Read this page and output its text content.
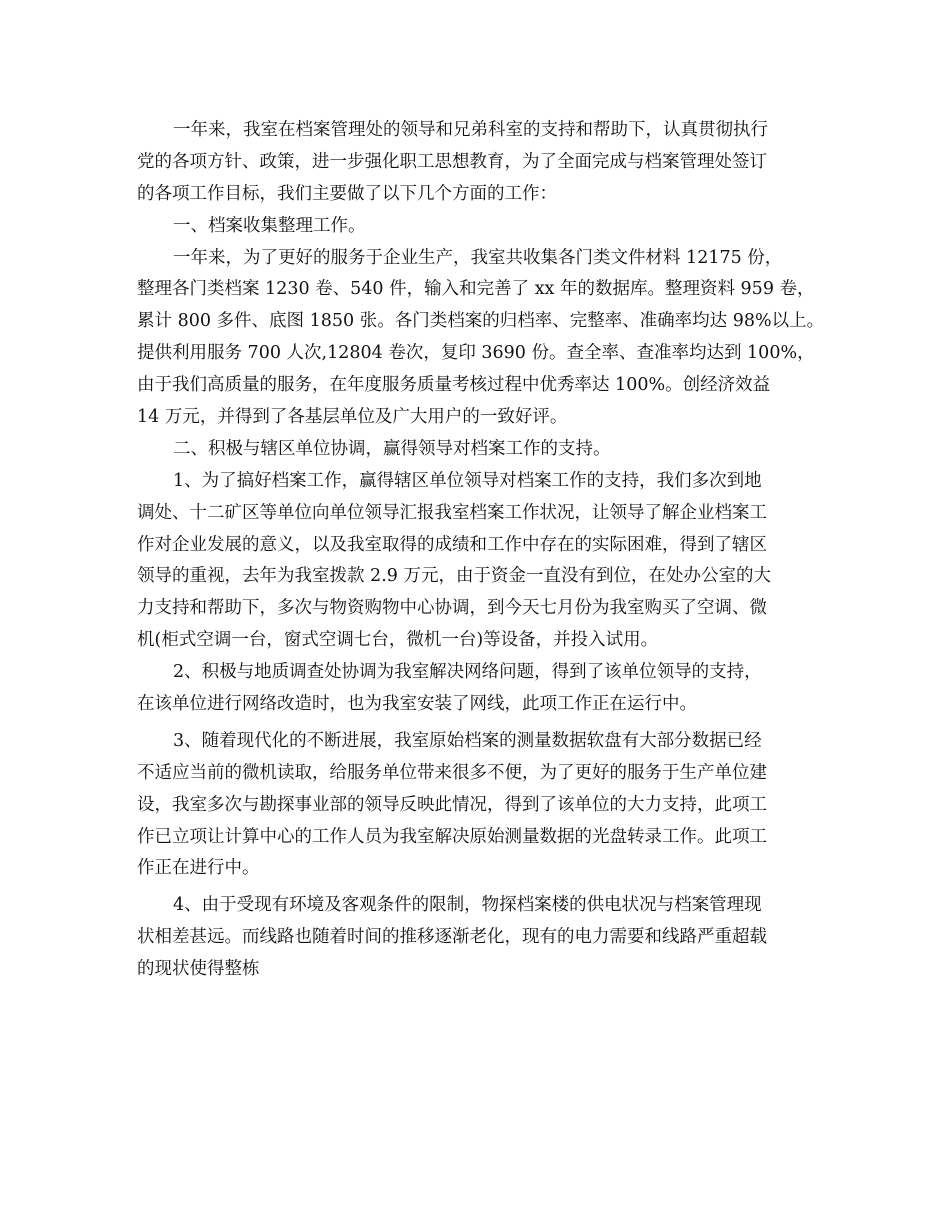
一年来，我室在档案管理处的领导和兄弟科室的支持和帮助下，认真贯彻执行
党的各项方针、政策，进一步强化职工思想教育，为了全面完成与档案管理处签订
的各项工作目标，我们主要做了以下几个方面的工作：
一、档案收集整理工作。
一年来，为了更好的服务于企业生产，我室共收集各门类文件材料 12175 份，
整理各门类档案 1230 卷、540 件，输入和完善了 xx 年的数据库。整理资料 959 卷，
累计 800 多件、底图 1850 张。各门类档案的归档率、完整率、准确率均达 98%以上。
提供利用服务 700 人次,12804 卷次，复印 3690 份。查全率、查准率均达到 100%，
由于我们高质量的服务，在年度服务质量考核过程中优秀率达 100%。创经济效益
14 万元，并得到了各基层单位及广大用户的一致好评。
二、积极与辖区单位协调，赢得领导对档案工作的支持。
1、为了搞好档案工作，赢得辖区单位领导对档案工作的支持，我们多次到地
调处、十二矿区等单位向单位领导汇报我室档案工作状况，让领导了解企业档案工
作对企业发展的意义，以及我室取得的成绩和工作中存在的实际困难，得到了辖区
领导的重视，去年为我室拨款 2.9 万元，由于资金一直没有到位，在处办公室的大
力支持和帮助下，多次与物资购物中心协调，到今天七月份为我室购买了空调、微
机(柜式空调一台，窗式空调七台，微机一台)等设备，并投入试用。
2、积极与地质调查处协调为我室解决网络问题，得到了该单位领导的支持，
在该单位进行网络改造时，也为我室安装了网线，此项工作正在运行中。
3、随着现代化的不断进展，我室原始档案的测量数据软盘有大部分数据已经
不适应当前的微机读取，给服务单位带来很多不便，为了更好的服务于生产单位建
设，我室多次与勘探事业部的领导反映此情况，得到了该单位的大力支持，此项工
作已立项让计算中心的工作人员为我室解决原始测量数据的光盘转录工作。此项工
作正在进行中。
4、由于受现有环境及客观条件的限制，物探档案楼的供电状况与档案管理现
状相差甚远。而线路也随着时间的推移逐渐老化，现有的电力需要和线路严重超载
的现状使得整栋
